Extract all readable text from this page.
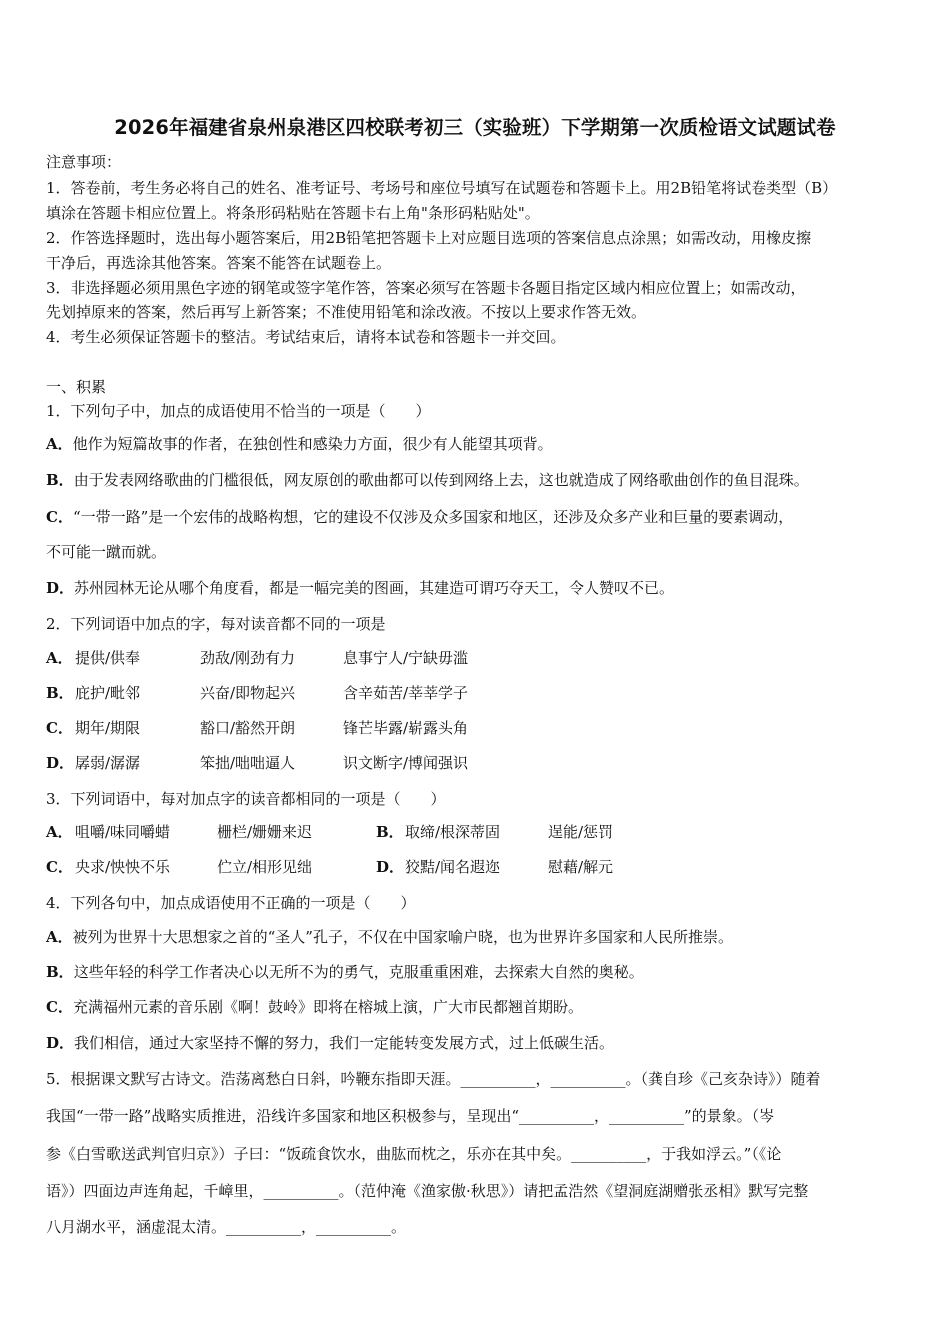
2026年福建省泉州泉港区四校联考初三（实验班）下学期第一次质检语文试题试卷
注意事项：
1．答卷前，考生务必将自己的姓名、准考证号、考场号和座位号填写在试题卷和答题卡上。用2B铅笔将试卷类型（B）
填涂在答题卡相应位置上。将条形码粘贴在答题卡右上角"条形码粘贴处"。
2．作答选择题时，选出每小题答案后，用2B铅笔把答题卡上对应题目选项的答案信息点涂黑；如需改动，用橡皮擦
干净后，再选涂其他答案。答案不能答在试题卷上。
3．非选择题必须用黑色字迹的钢笔或签字笔作答，答案必须写在答题卡各题目指定区域内相应位置上；如需改动，
先划掉原来的答案，然后再写上新答案；不准使用铅笔和涂改液。不按以上要求作答无效。
4．考生必须保证答题卡的整洁。考试结束后，请将本试卷和答题卡一并交回。
一、积累
1．下列句子中，加点的成语使用不恰当的一项是（　　）
A．他作为短篇故事的作者，在独创性和感染力方面，很少有人能望其项背。
B．由于发表网络歌曲的门槛很低，网友原创的歌曲都可以传到网络上去，这也就造成了网络歌曲创作的鱼目混珠。
C．“一带一路”是一个宏伟的战略构想，它的建设不仅涉及众多国家和地区，还涉及众多产业和巨量的要素调动，
不可能一蹴而就。
D．苏州园林无论从哪个角度看，都是一幅完美的图画，其建造可谓巧夺天工，令人赞叹不已。
2．下列词语中加点的字，每对读音都不同的一项是
A． 提供/供奉	劲敌/刚劲有力	息事宁人/宁缺毋滥
B． 庇护/毗邻	兴奋/即物起兴	含辛茹苦/莘莘学子
C． 期年/期限	豁口/豁然开朗	锋芒毕露/崭露头角
D． 孱弱/潺潺	笨拙/咄咄逼人	识文断字/博闻强识
3．下列词语中，每对加点字的读音都相同的一项是（　　）
A． 咀嚼/味同嚼蜡	栅栏/姗姗来迟	B． 取缔/根深蒂固	逞能/惩罚
C． 央求/怏怏不乐	伫立/相形见绌	D． 狡黠/闻名遐迩	慰藉/解元
4．下列各句中，加点成语使用不正确的一项是（　　）
A．被列为世界十大思想家之首的“圣人”孔子，不仅在中国家喻户晓，也为世界许多国家和人民所推崇。
B．这些年轻的科学工作者决心以无所不为的勇气，克服重重困难，去探索大自然的奥秘。
C．充满福州元素的音乐剧《啊！鼓岭》即将在榕城上演，广大市民都翘首期盼。
D．我们相信，通过大家坚持不懈的努力，我们一定能转变发展方式，过上低碳生活。
5．根据课文默写古诗文。浩荡离愁白日斜，吟鞭东指即天涯。__________，__________。（龚自珍《己亥杂诗》）随着
我国“一带一路”战略实质推进，沿线许多国家和地区积极参与，呈现出“__________，__________”的景象。（岑
参《白雪歌送武判官归京》）子曰：“饭疏食饮水，曲肱而枕之，乐亦在其中矣。__________，于我如浮云。”（《论
语》）四面边声连角起，千嶂里，__________。（范仲淹《渔家傲·秋思》）请把孟浩然《望洞庭湖赠张丞相》默写完整
八月湖水平，涵虚混太清。__________，__________。
